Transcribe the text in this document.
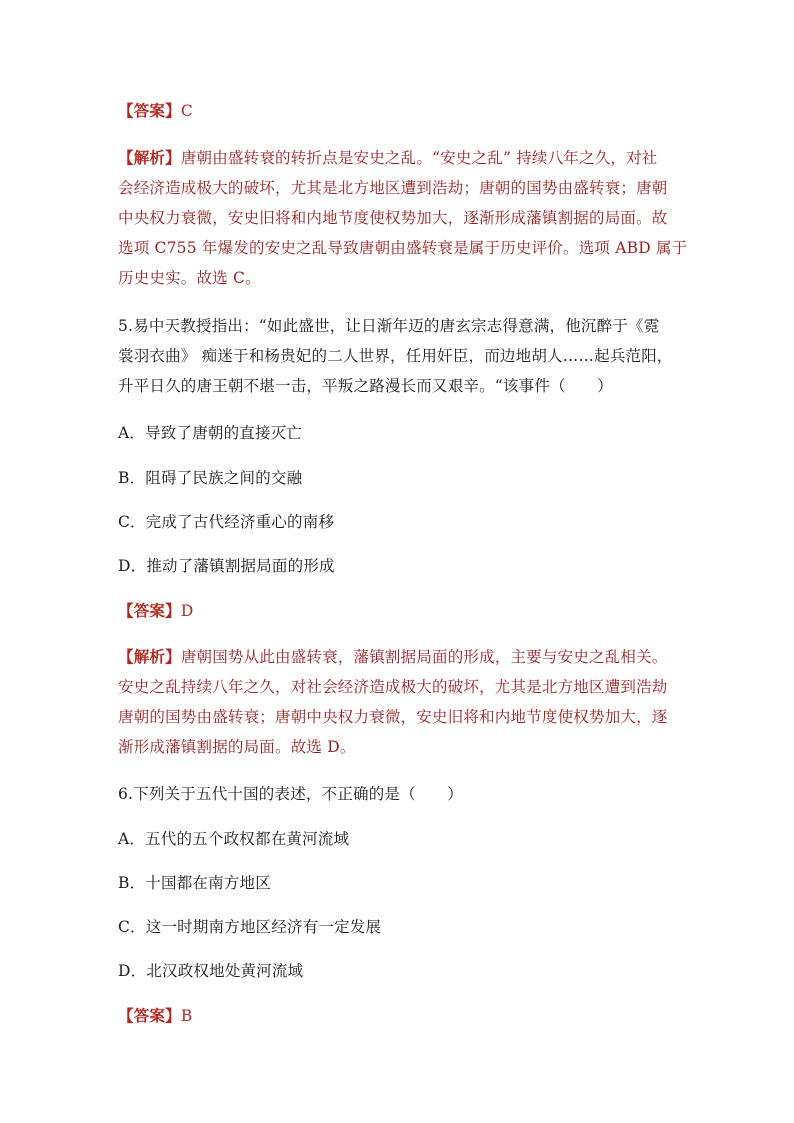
【答案】C
【解析】唐朝由盛转衰的转折点是安史之乱。“安史之乱” 持续八年之久，对社
会经济造成极大的破坏，尤其是北方地区遭到浩劫；唐朝的国势由盛转衰；唐朝
中央权力衰微，安史旧将和内地节度使权势加大，逐渐形成藩镇割据的局面。故
选项 C755 年爆发的安史之乱导致唐朝由盛转衰是属于历史评价。选项 ABD 属于
历史史实。故选 C。
5.易中天教授指出：“如此盛世，让日渐年迈的唐玄宗志得意满，他沉醉于《霓
裳羽衣曲》 痴迷于和杨贵妃的二人世界，任用奸臣，而边地胡人……起兵范阳，
升平日久的唐王朝不堪一击，平叛之路漫长而又艰辛。“该事件（　　）
A．导致了唐朝的直接灭亡
B．阻碍了民族之间的交融
C．完成了古代经济重心的南移
D．推动了藩镇割据局面的形成
【答案】D
【解析】唐朝国势从此由盛转衰，藩镇割据局面的形成，主要与安史之乱相关。
安史之乱持续八年之久，对社会经济造成极大的破坏，尤其是北方地区遭到浩劫
唐朝的国势由盛转衰；唐朝中央权力衰微，安史旧将和内地节度使权势加大，逐
渐形成藩镇割据的局面。故选 D。
6.下列关于五代十国的表述，不正确的是（　　）
A．五代的五个政权都在黄河流域
B．十国都在南方地区
C．这一时期南方地区经济有一定发展
D．北汉政权地处黄河流域
【答案】B
